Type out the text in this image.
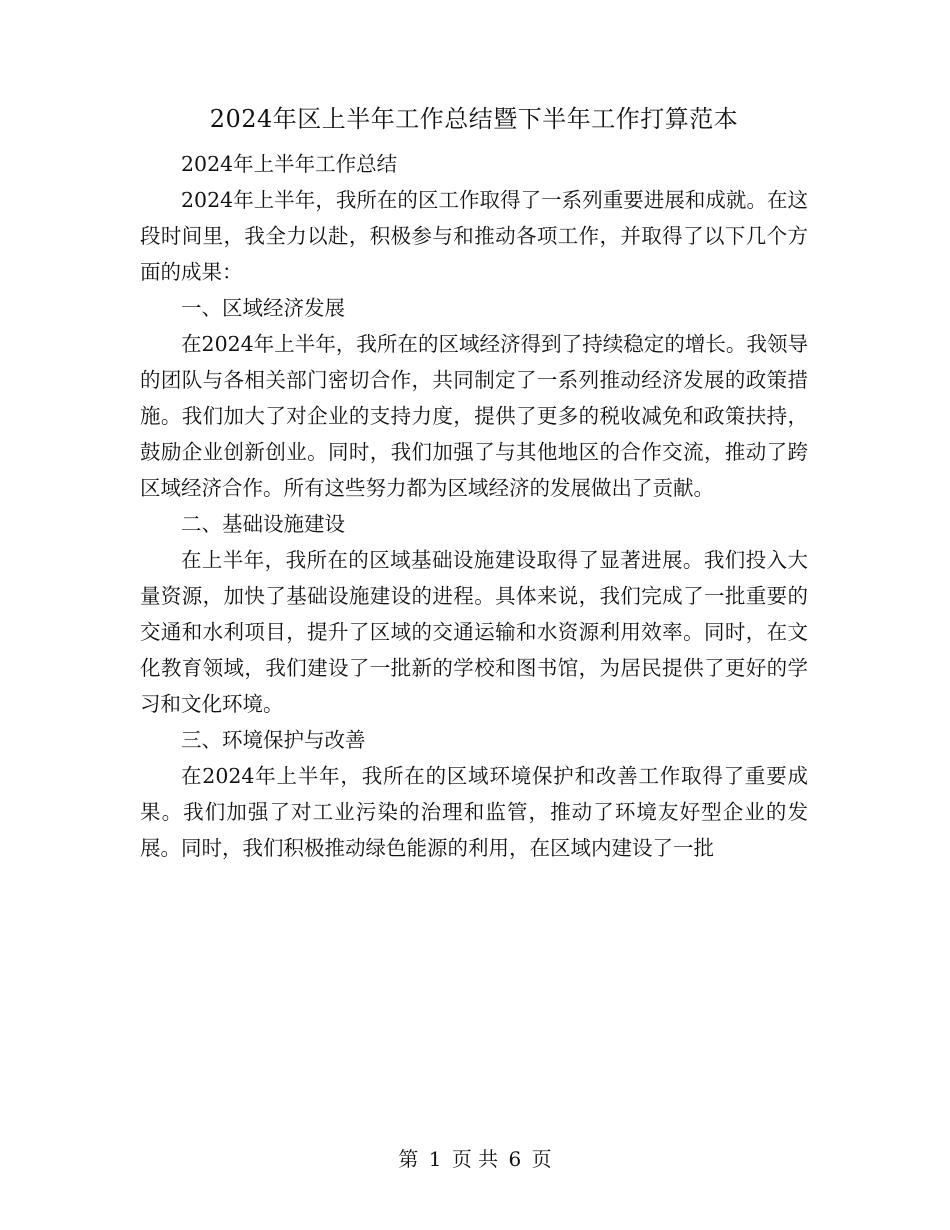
2024年区上半年工作总结暨下半年工作打算范本

2024年上半年工作总结

2024年上半年，我所在的区工作取得了一系列重要进展和成就。在这段时间里，我全力以赴，积极参与和推动各项工作，并取得了以下几个方面的成果：

一、区域经济发展

在2024年上半年，我所在的区域经济得到了持续稳定的增长。我领导的团队与各相关部门密切合作，共同制定了一系列推动经济发展的政策措施。我们加大了对企业的支持力度，提供了更多的税收减免和政策扶持，鼓励企业创新创业。同时，我们加强了与其他地区的合作交流，推动了跨区域经济合作。所有这些努力都为区域经济的发展做出了贡献。

二、基础设施建设

在上半年，我所在的区域基础设施建设取得了显著进展。我们投入大量资源，加快了基础设施建设的进程。具体来说，我们完成了一批重要的交通和水利项目，提升了区域的交通运输和水资源利用效率。同时，在文化教育领域，我们建设了一批新的学校和图书馆，为居民提供了更好的学习和文化环境。

三、环境保护与改善

在2024年上半年，我所在的区域环境保护和改善工作取得了重要成果。我们加强了对工业污染的治理和监管，推动了环境友好型企业的发展。同时，我们积极推动绿色能源的利用，在区域内建设了一批

第 1 页 共 6 页
